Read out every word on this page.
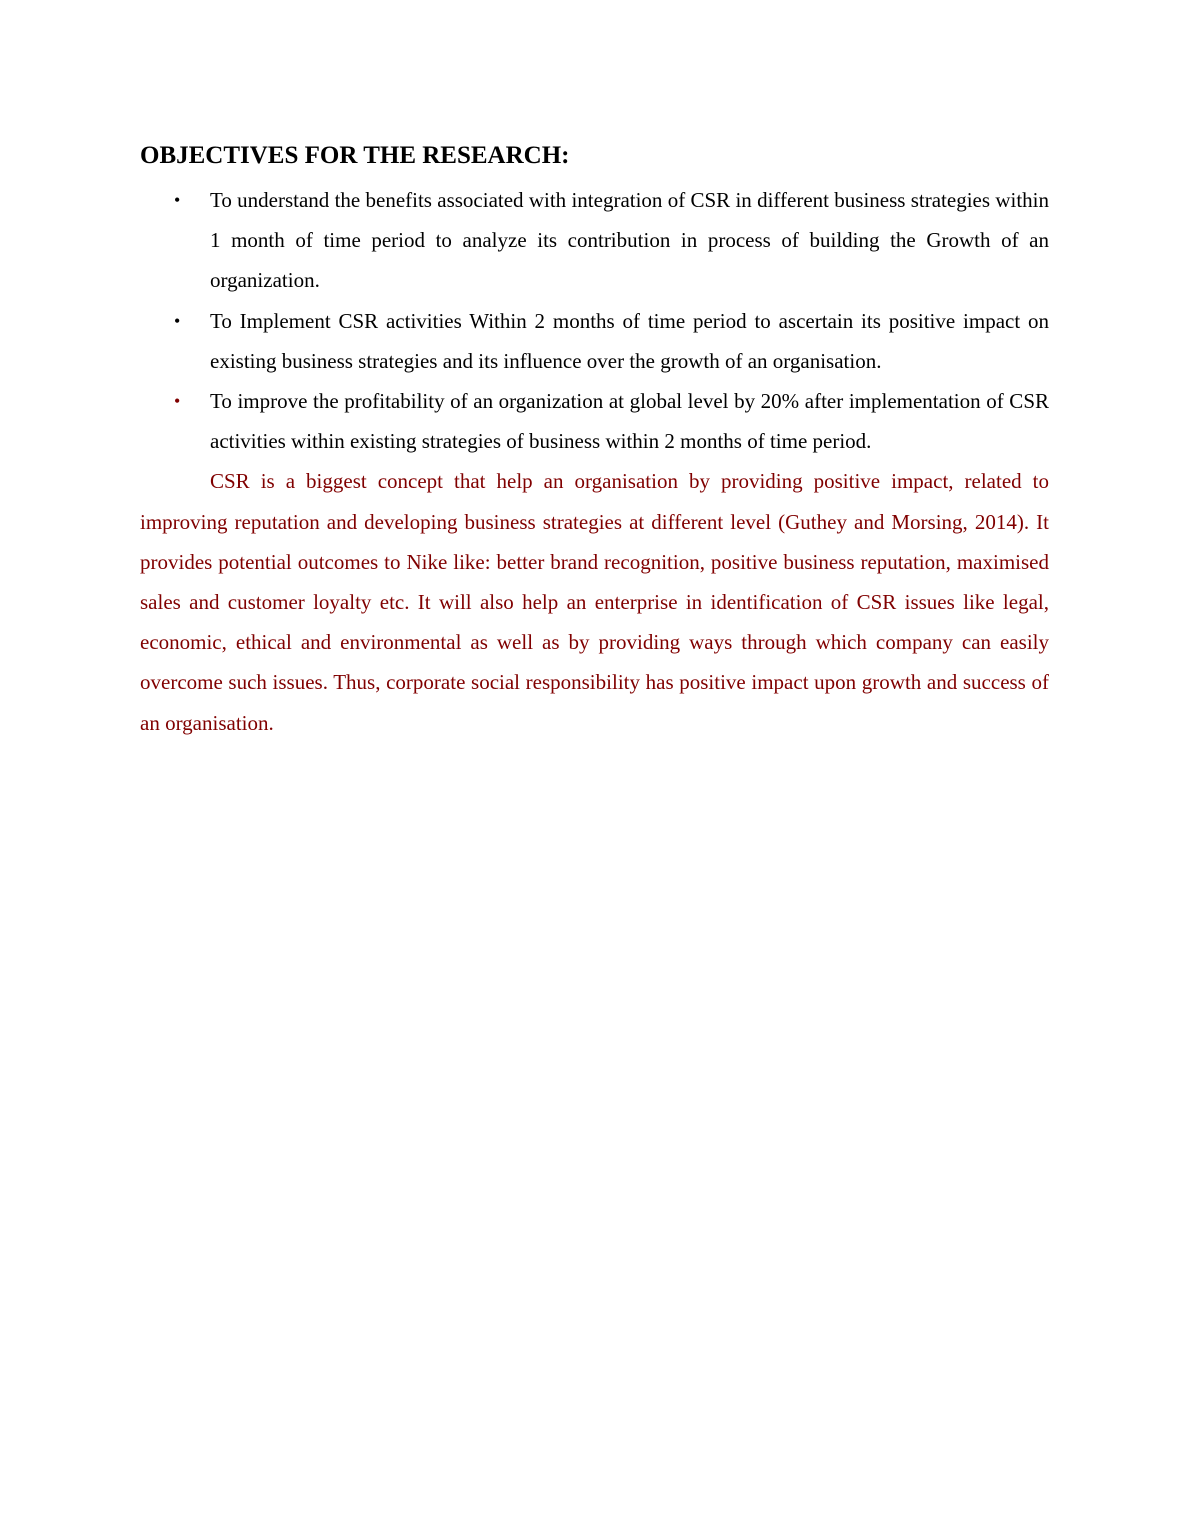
OBJECTIVES FOR THE RESEARCH:
• To understand the benefits associated with integration of CSR in different business strategies within 1 month of time period to analyze its contribution in process of building the Growth of an organization.
• To Implement CSR activities Within 2 months of time period to ascertain its positive impact on existing business strategies and its influence over the growth of an organisation.
• To improve the profitability of an organization at global level by 20% after implementation of CSR activities within existing strategies of business within 2 months of time period.

CSR is a biggest concept that help an organisation by providing positive impact, related to improving reputation and developing business strategies at different level (Guthey and Morsing, 2014). It provides potential outcomes to Nike like: better brand recognition, positive business reputation, maximised sales and customer loyalty etc. It will also help an enterprise in identification of CSR issues like legal, economic, ethical and environmental as well as by providing ways through which company can easily overcome such issues. Thus, corporate social responsibility has positive impact upon growth and success of an organisation.
